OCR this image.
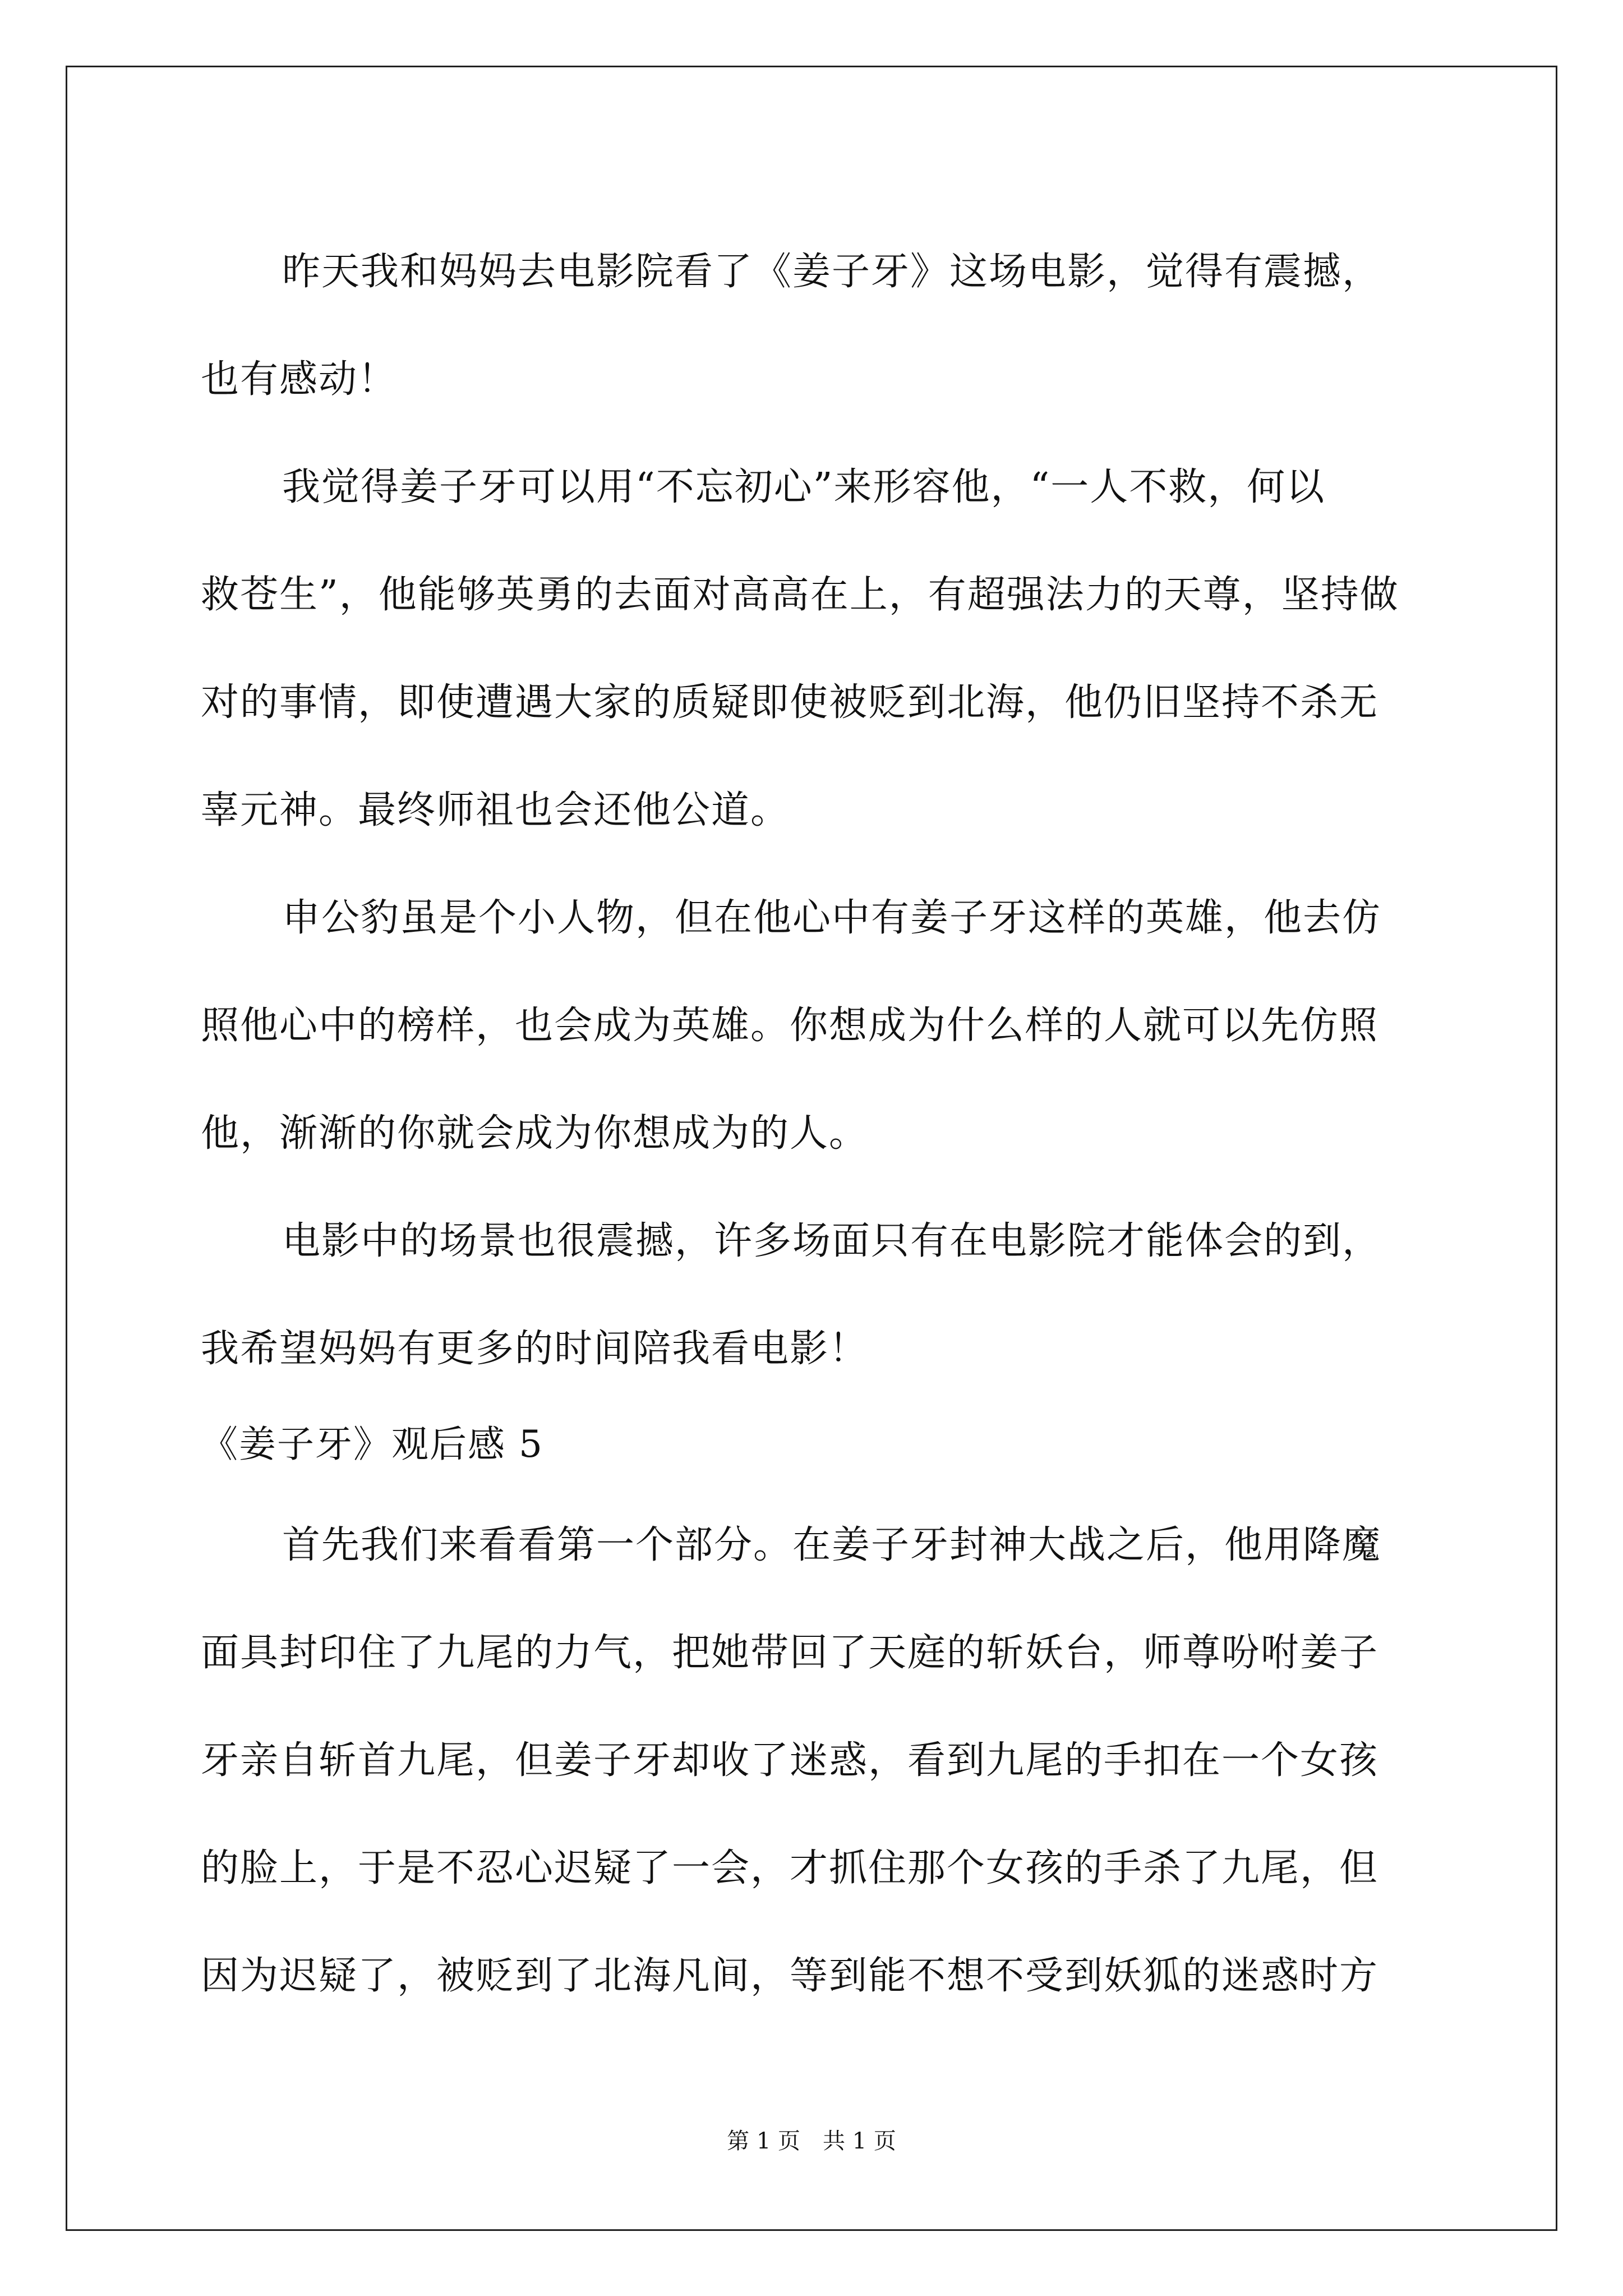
昨天我和妈妈去电影院看了《姜子牙》这场电影，觉得有震撼，
也有感动！
我觉得姜子牙可以用“不忘初心”来形容他，“一人不救，何以
救苍生”，他能够英勇的去面对高高在上，有超强法力的天尊，坚持做
对的事情，即使遭遇大家的质疑即使被贬到北海，他仍旧坚持不杀无
辜元神。最终师祖也会还他公道。
申公豹虽是个小人物，但在他心中有姜子牙这样的英雄，他去仿
照他心中的榜样，也会成为英雄。你想成为什么样的人就可以先仿照
他，渐渐的你就会成为你想成为的人。
电影中的场景也很震撼，许多场面只有在电影院才能体会的到，
我希望妈妈有更多的时间陪我看电影！
《姜子牙》观后感 5
首先我们来看看第一个部分。在姜子牙封神大战之后，他用降魔
面具封印住了九尾的力气，把她带回了天庭的斩妖台，师尊吩咐姜子
牙亲自斩首九尾，但姜子牙却收了迷惑，看到九尾的手扣在一个女孩
的脸上，于是不忍心迟疑了一会，才抓住那个女孩的手杀了九尾，但
因为迟疑了，被贬到了北海凡间，等到能不想不受到妖狐的迷惑时方
第 1 页　共 1 页
